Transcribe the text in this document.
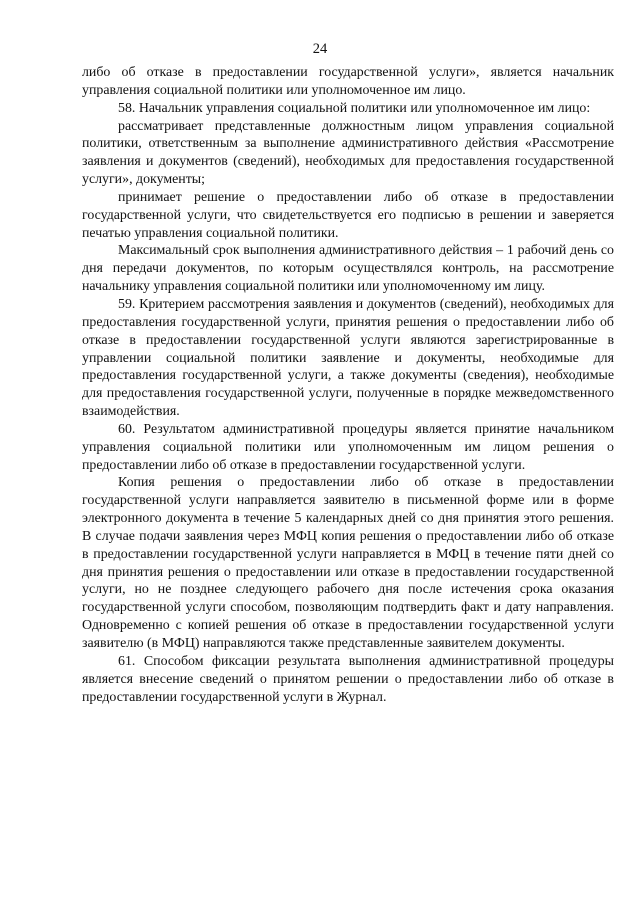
24

либо об отказе в предоставлении государственной услуги», является начальник управления социальной политики или уполномоченное им лицо.

58. Начальник управления социальной политики или уполномоченное им лицо:

рассматривает представленные должностным лицом управления социальной политики, ответственным за выполнение административного действия «Рассмотрение заявления и документов (сведений), необходимых для предоставления государственной услуги», документы;

принимает решение о предоставлении либо об отказе в предоставлении государственной услуги, что свидетельствуется его подписью в решении и заверяется печатью управления социальной политики.

Максимальный срок выполнения административного действия – 1 рабочий день со дня передачи документов, по которым осуществлялся контроль, на рассмотрение начальнику управления социальной политики или уполномоченному им лицу.

59. Критерием рассмотрения заявления и документов (сведений), необходимых для предоставления государственной услуги, принятия решения о предоставлении либо об отказе в предоставлении государственной услуги являются зарегистрированные в управлении социальной политики заявление и документы, необходимые для предоставления государственной услуги, а также документы (сведения), необходимые для предоставления государственной услуги, полученные в порядке межведомственного взаимодействия.

60. Результатом административной процедуры является принятие начальником управления социальной политики или уполномоченным им лицом решения о предоставлении либо об отказе в предоставлении государственной услуги.

Копия решения о предоставлении либо об отказе в предоставлении государственной услуги направляется заявителю в письменной форме или в форме электронного документа в течение 5 календарных дней со дня принятия этого решения. В случае подачи заявления через МФЦ копия решения о предоставлении либо об отказе в предоставлении государственной услуги направляется в МФЦ в течение пяти дней со дня принятия решения о предоставлении или отказе в предоставлении государственной услуги, но не позднее следующего рабочего дня после истечения срока оказания государственной услуги способом, позволяющим подтвердить факт и дату направления. Одновременно с копией решения об отказе в предоставлении государственной услуги заявителю (в МФЦ) направляются также представленные заявителем документы.

61. Способом фиксации результата выполнения административной процедуры является внесение сведений о принятом решении о предоставлении либо об отказе в предоставлении государственной услуги в Журнал.
